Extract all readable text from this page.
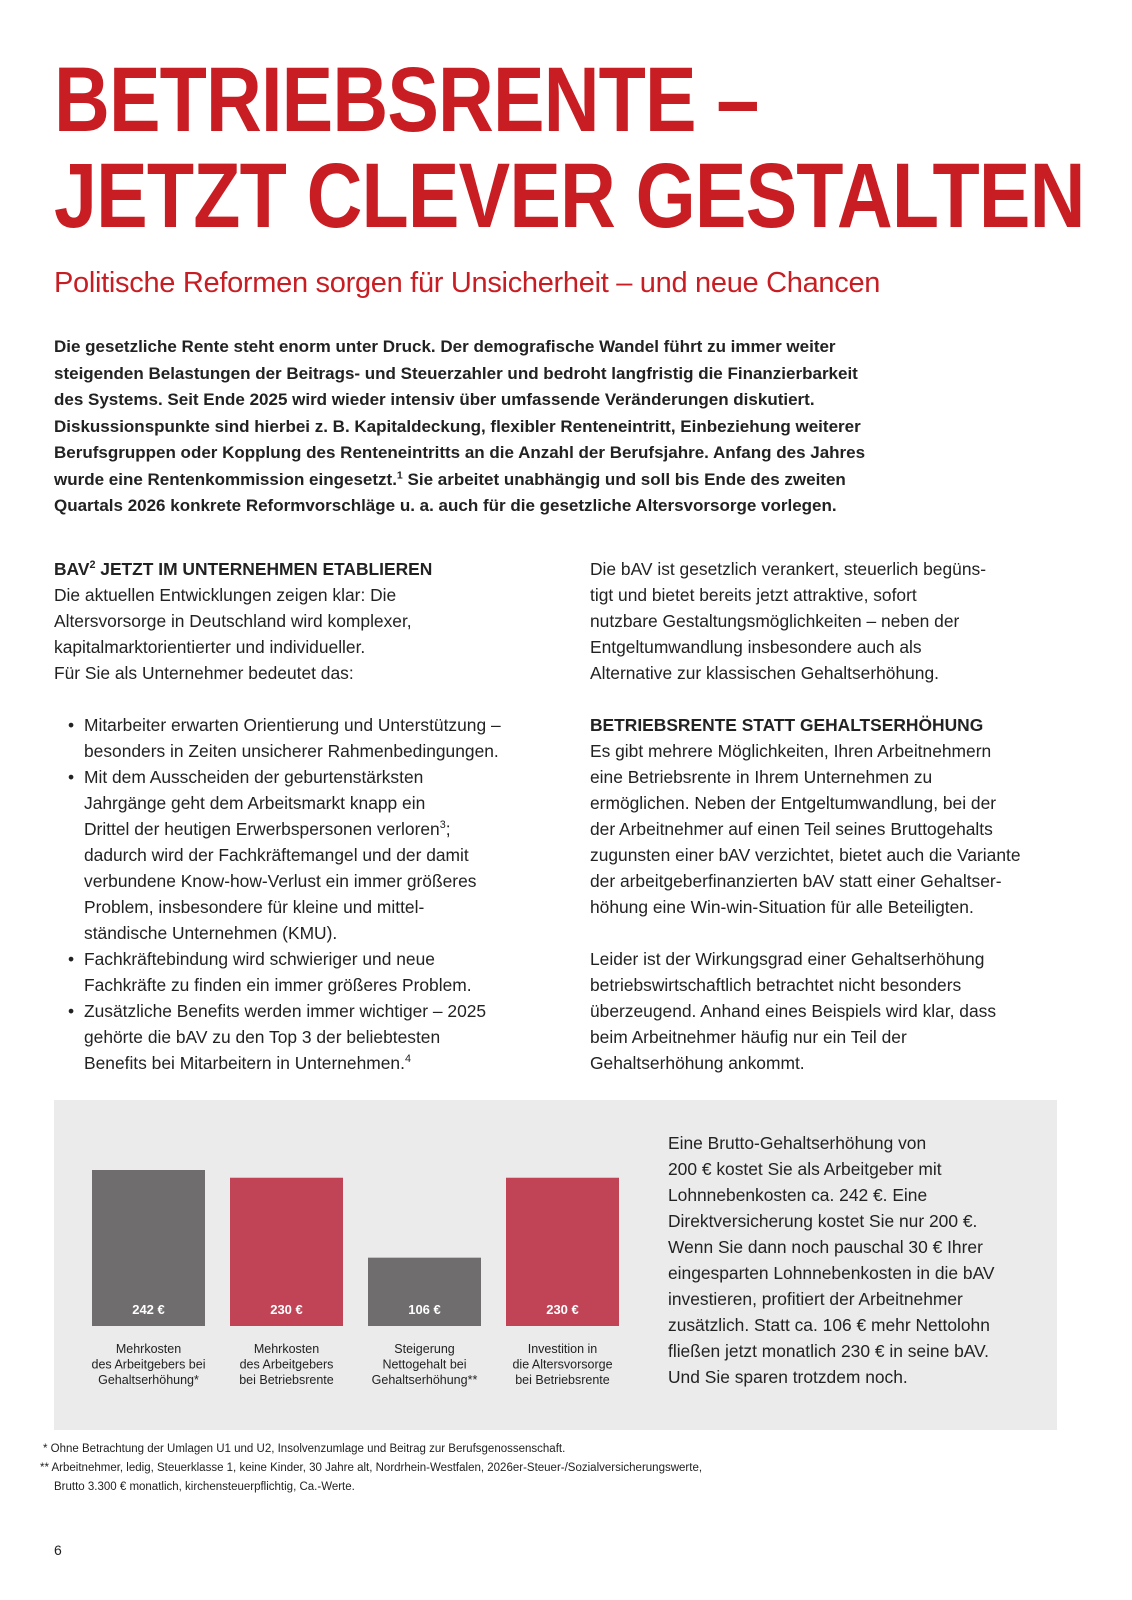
BETRIEBSRENTE –
JETZT CLEVER GESTALTEN
Politische Reformen sorgen für Unsicherheit – und neue Chancen

Die gesetzliche Rente steht enorm unter Druck. Der demografische Wandel führt zu immer weiter
steigenden Belastungen der Beitrags- und Steuerzahler und bedroht langfristig die Finanzierbarkeit
des Systems. Seit Ende 2025 wird wieder intensiv über umfassende Veränderungen diskutiert.
Diskussionspunkte sind hierbei z. B. Kapitaldeckung, flexibler Renteneintritt, Einbeziehung weiterer
Berufsgruppen oder Kopplung des Renteneintritts an die Anzahl der Berufsjahre. Anfang des Jahres
wurde eine Rentenkommission eingesetzt.$^1$ Sie arbeitet unabhängig und soll bis Ende des zweiten
Quartals 2026 konkrete Reformvorschläge u. a. auch für die gesetzliche Altersvorsorge vorlegen.

BAV$^2$ JETZT IM UNTERNEHMEN ETABLIEREN
Die aktuellen Entwicklungen zeigen klar: Die
Altersvorsorge in Deutschland wird komplexer,
kapitalmarktorientierter und individueller.
Für Sie als Unternehmer bedeutet das:
• Mitarbeiter erwarten Orientierung und Unterstützung –
besonders in Zeiten unsicherer Rahmenbedingungen.
• Mit dem Ausscheiden der geburtenstärksten
Jahrgänge geht dem Arbeitsmarkt knapp ein
Drittel der heutigen Erwerbspersonen verloren$^3$;
dadurch wird der Fachkräftemangel und der damit
verbundene Know-how-Verlust ein immer größeres
Problem, insbesondere für kleine und mittel-
ständische Unternehmen (KMU).
• Fachkräftebindung wird schwieriger und neue
Fachkräfte zu finden ein immer größeres Problem.
• Zusätzliche Benefits werden immer wichtiger – 2025
gehörte die bAV zu den Top 3 der beliebtesten
Benefits bei Mitarbeitern in Unternehmen.$^4$
Die bAV ist gesetzlich verankert, steuerlich begüns-
tigt und bietet bereits jetzt attraktive, sofort
nutzbare Gestaltungsmöglichkeiten – neben der
Entgeltumwandlung insbesondere auch als
Alternative zur klassischen Gehaltserhöhung.
BETRIEBSRENTE STATT GEHALTSERHÖHUNG
Es gibt mehrere Möglichkeiten, Ihren Arbeitnehmern
eine Betriebsrente in Ihrem Unternehmen zu
ermöglichen. Neben der Entgeltumwandlung, bei der
der Arbeitnehmer auf einen Teil seines Bruttogehalts
zugunsten einer bAV verzichtet, bietet auch die Variante
der arbeitgeberfinanzierten bAV statt einer Gehaltser-
höhung eine Win-win-Situation für alle Beteiligten.
Leider ist der Wirkungsgrad einer Gehaltserhöhung
betriebswirtschaftlich betrachtet nicht besonders
überzeugend. Anhand eines Beispiels wird klar, dass
beim Arbeitnehmer häufig nur ein Teil der
Gehaltserhöhung ankommt.
242 €
Mehrkosten
des Arbeitgebers bei
Gehaltserhöhung*
230 €
Mehrkosten
des Arbeitgebers
bei Betriebsrente
106 €
Steigerung
Nettogehalt bei
Gehaltserhöhung**
230 €
Investition in
die Altersvorsorge
bei Betriebsrente
Eine Brutto-Gehaltserhöhung von
200 € kostet Sie als Arbeitgeber mit
Lohnnebenkosten ca. 242 €. Eine
Direktversicherung kostet Sie nur 200 €.
Wenn Sie dann noch pauschal 30 € Ihrer
eingesparten Lohnnebenkosten in die bAV
investieren, profitiert der Arbeitnehmer
zusätzlich. Statt ca. 106 € mehr Nettolohn
fließen jetzt monatlich 230 € in seine bAV.
Und Sie sparen trotzdem noch.
* Ohne Betrachtung der Umlagen U1 und U2, Insolvenzumlage und Beitrag zur Berufsgenossenschaft.
** Arbeitnehmer, ledig, Steuerklasse 1, keine Kinder, 30 Jahre alt, Nordrhein-Westfalen, 2026er-Steuer-/Sozialversicherungswerte,
Brutto 3.300 € monatlich, kirchensteuerpflichtig, Ca.-Werte.
6
